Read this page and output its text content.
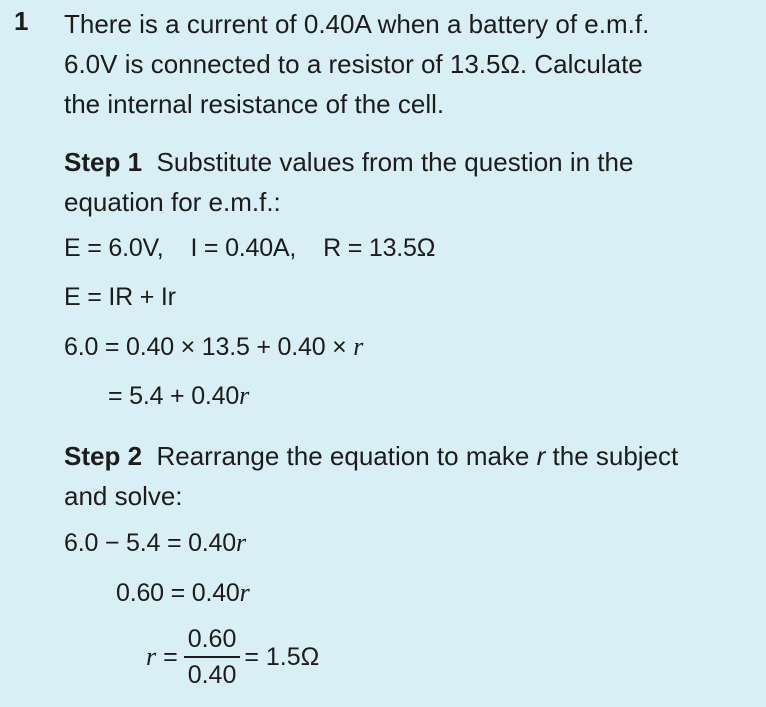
1 There is a current of 0.40A when a battery of e.m.f.
6.0V is connected to a resistor of 13.5Ω. Calculate
the internal resistance of the cell.
Step 1 Substitute values from the question in the
equation for e.m.f.:
E = 6.0V, I = 0.40A, R = 13.5Ω
E = IR + Ir
6.0 = 0.40 × 13.5 + 0.40 × r
= 5.4 + 0.40r
Step 2 Rearrange the equation to make r the subject
and solve:
6.0 − 5.4 = 0.40r
0.60 = 0.40r
$r = \frac{0.60}{0.40} = 1.5\Omega$
